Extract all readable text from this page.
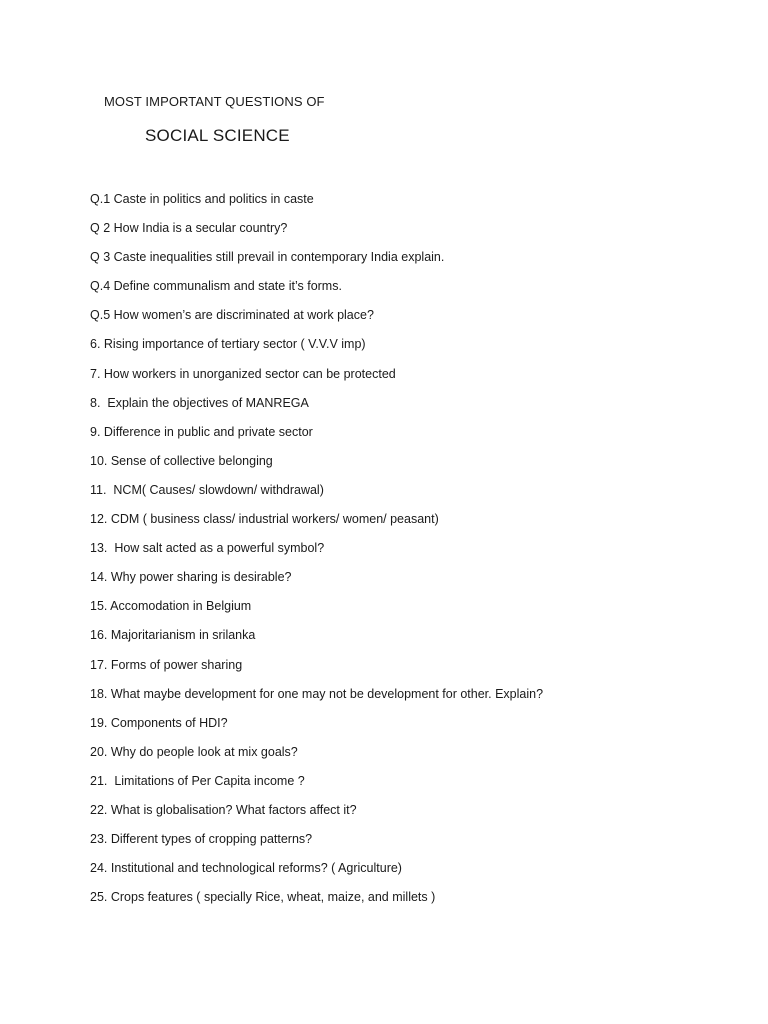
MOST IMPORTANT QUESTIONS OF
SOCIAL SCIENCE
Q.1 Caste in politics and politics in caste
Q 2 How India is a secular country?
Q 3 Caste inequalities still prevail in contemporary India explain.
Q.4 Define communalism and state it’s forms.
Q.5 How women’s are discriminated at work place?
6. Rising importance of tertiary sector ( V.V.V imp)
7. How workers in unorganized sector can be protected
8.  Explain the objectives of MANREGA
9. Difference in public and private sector
10. Sense of collective belonging
11.  NCM( Causes/ slowdown/ withdrawal)
12. CDM ( business class/ industrial workers/ women/ peasant)
13.  How salt acted as a powerful symbol?
14. Why power sharing is desirable?
15. Accomodation in Belgium
16. Majoritarianism in srilanka
17. Forms of power sharing
18. What maybe development for one may not be development for other. Explain?
19. Components of HDI?
20. Why do people look at mix goals?
21.  Limitations of Per Capita income ?
22. What is globalisation? What factors affect it?
23. Different types of cropping patterns?
24. Institutional and technological reforms? ( Agriculture)
25. Crops features ( specially Rice, wheat, maize, and millets )
